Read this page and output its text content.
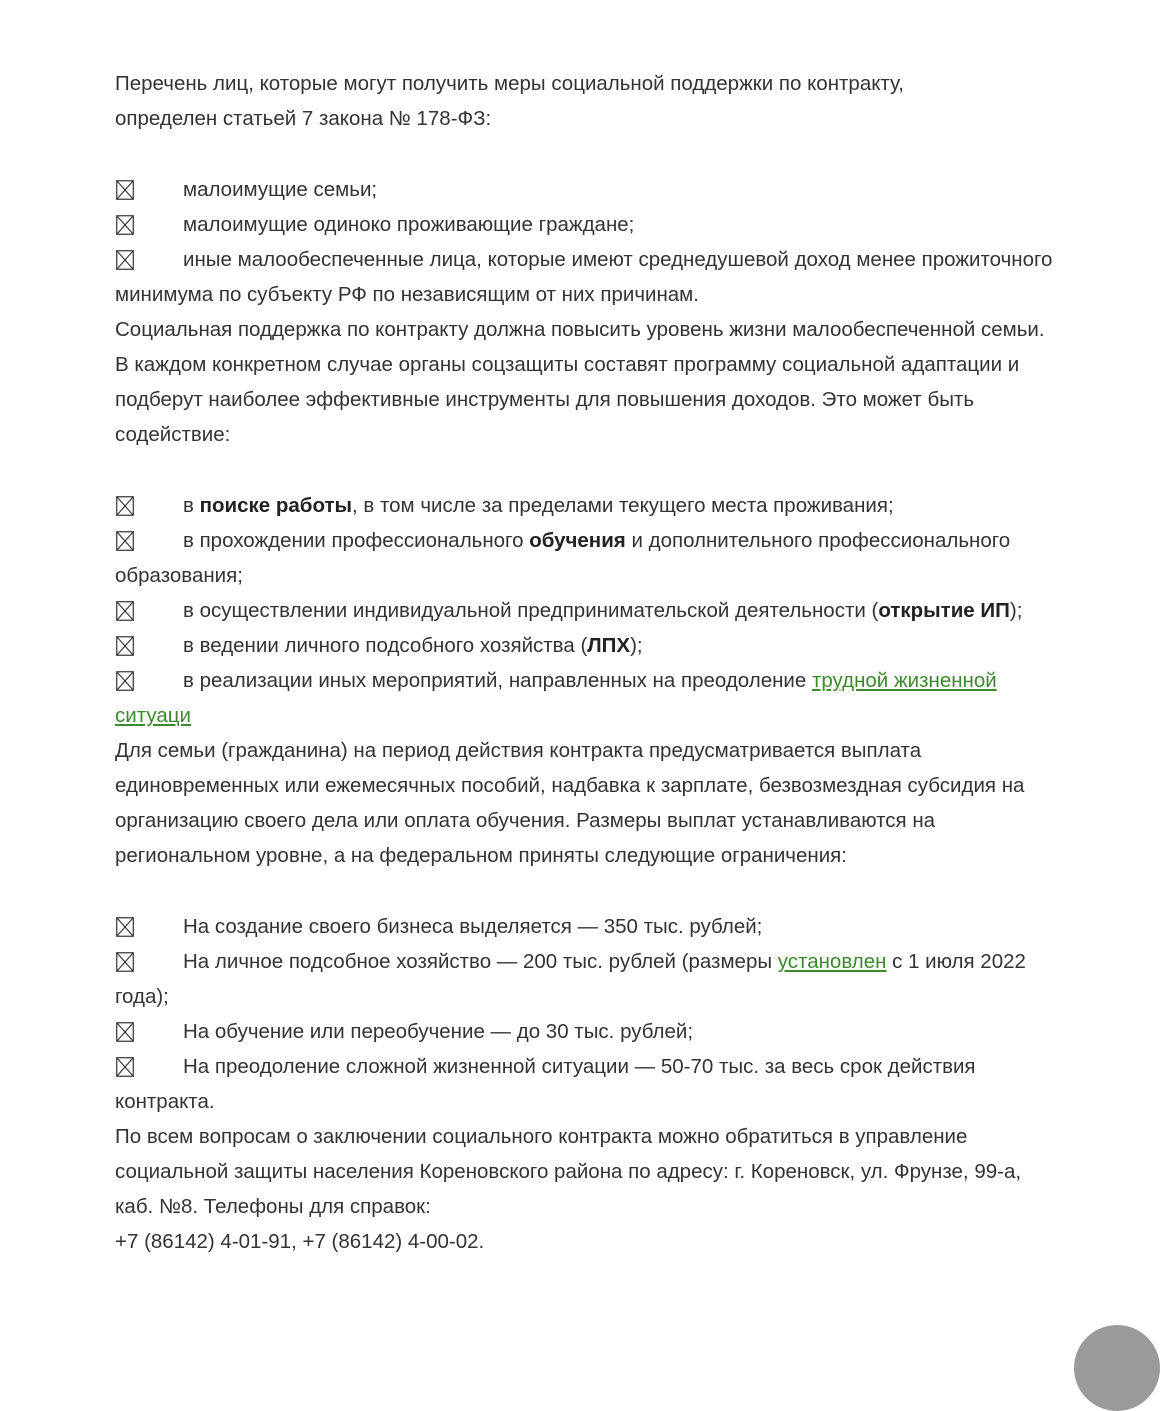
Перечень лиц, которые могут получить меры социальной поддержки по контракту,
определен статьей 7 закона № 178-ФЗ:

малоимущие семьи;

малоимущие одиноко проживающие граждане;

иные малообеспеченные лица, которые имеют среднедушевой доход менее прожиточного минимума по субъекту РФ по независящим от них причинам.

Социальная поддержка по контракту должна повысить уровень жизни малообеспеченной семьи. В каждом конкретном случае органы соцзащиты составят программу социальной адаптации и подберут наиболее эффективные инструменты для повышения доходов. Это может быть содействие:

в поиске работы, в том числе за пределами текущего места проживания;

в прохождении профессионального обучения и дополнительного профессионального образования;

в осуществлении индивидуальной предпринимательской деятельности (открытие ИП);

в ведении личного подсобного хозяйства (ЛПХ);

в реализации иных мероприятий, направленных на преодоление трудной жизненной ситуаци

Для семьи (гражданина) на период действия контракта предусматривается выплата единовременных или ежемесячных пособий, надбавка к зарплате, безвозмездная субсидия на организацию своего дела или оплата обучения. Размеры выплат устанавливаются на региональном уровне, а на федеральном приняты следующие ограничения:

На создание своего бизнеса выделяется — 350 тыс. рублей;

На личное подсобное хозяйство — 200 тыс. рублей (размеры установлен с 1 июля 2022 года);

На обучение или переобучение — до 30 тыс. рублей;

На преодоление сложной жизненной ситуации — 50-70 тыс. за весь срок действия контракта.

По всем вопросам о заключении социального контракта можно обратиться в управление социальной защиты населения Кореновского района по адресу: г. Кореновск, ул. Фрунзе, 99-а, каб. №8. Телефоны для справок:

+7 (86142) 4-01-91, +7 (86142) 4-00-02.
